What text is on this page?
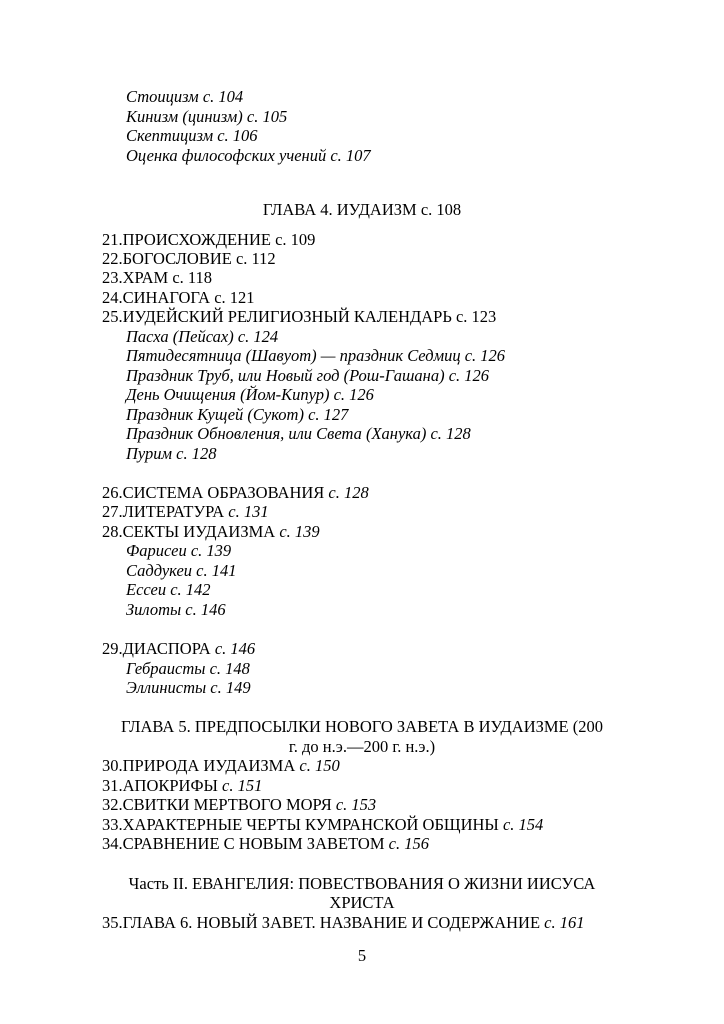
Стоицизм с. 104
Кинизм (цинизм) с. 105
Скептицизм с. 106
Оценка философских учений с. 107
ГЛАВА 4. ИУДАИЗМ с. 108
21.ПРОИСХОЖДЕНИЕ с. 109
22.БОГОСЛОВИЕ с. 112
23.ХРАМ с. 118
24.СИНАГОГА с. 121
25.ИУДЕЙСКИЙ РЕЛИГИОЗНЫЙ КАЛЕНДАРЬ с. 123
Пасха (Пейсах) с. 124
Пятидесятница (Шавуот) — праздник Седмиц с. 126
Праздник Труб, или Новый год (Рош-Гашана) с. 126
День Очищения (Йом-Кипур) с. 126
Праздник Кущей (Сукот) с. 127
Праздник Обновления, или Света (Ханука) с. 128
Пурим с. 128
26.СИСТЕМА ОБРАЗОВАНИЯ с. 128
27.ЛИТЕРАТУРА с. 131
28.СЕКТЫ ИУДАИЗМА с. 139
Фарисеи с. 139
Саддукеи с. 141
Ессеи с. 142
Зилоты с. 146
29.ДИАСПОРА с. 146
Гебраисты с. 148
Эллинисты с. 149
ГЛАВА 5. ПРЕДПОСЫЛКИ НОВОГО ЗАВЕТА В ИУДАИЗМЕ (200
г. до н.э.—200 г. н.э.)
30.ПРИРОДА ИУДАИЗМА с. 150
31.АПОКРИФЫ с. 151
32.СВИТКИ МЕРТВОГО МОРЯ с. 153
33.ХАРАКТЕРНЫЕ ЧЕРТЫ КУМРАНСКОЙ ОБЩИНЫ с. 154
34.СРАВНЕНИЕ С НОВЫМ ЗАВЕТОМ с. 156
Часть II. ЕВАНГЕЛИЯ: ПОВЕСТВОВАНИЯ О ЖИЗНИ ИИСУСА
ХРИСТА
35.ГЛАВА 6. НОВЫЙ ЗАВЕТ. НАЗВАНИЕ И СОДЕРЖАНИЕ с. 161
5
